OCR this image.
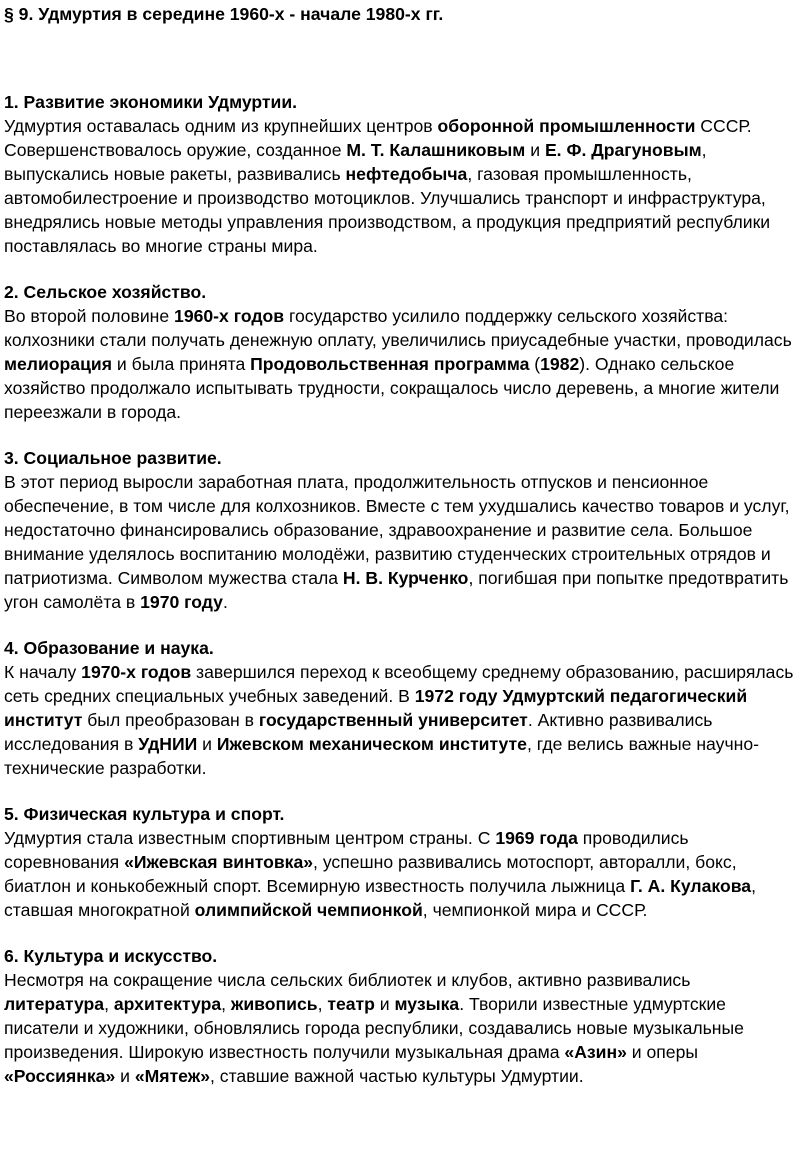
§ 9. Удмуртия в середине 1960-х - начале 1980-х гг.
1. Развитие экономики Удмуртии.

Удмуртия оставалась одним из крупнейших центров оборонной промышленности СССР. Совершенствовалось оружие, созданное М. Т. Калашниковым и Е. Ф. Драгуновым, выпускались новые ракеты, развивались нефтедобыча, газовая промышленность, автомобилестроение и производство мотоциклов. Улучшались транспорт и инфраструктура, внедрялись новые методы управления производством, а продукция предприятий республики поставлялась во многие страны мира.

2. Сельское хозяйство.

Во второй половине 1960-х годов государство усилило поддержку сельского хозяйства: колхозники стали получать денежную оплату, увеличились приусадебные участки, проводилась мелиорация и была принята Продовольственная программа (1982). Однако сельское хозяйство продолжало испытывать трудности, сокращалось число деревень, а многие жители переезжали в города.

3. Социальное развитие.

В этот период выросли заработная плата, продолжительность отпусков и пенсионное обеспечение, в том числе для колхозников. Вместе с тем ухудшались качество товаров и услуг, недостаточно финансировались образование, здравоохранение и развитие села. Большое внимание уделялось воспитанию молодёжи, развитию студенческих строительных отрядов и патриотизма. Символом мужества стала Н. В. Курченко, погибшая при попытке предотвратить угон самолёта в 1970 году.

4. Образование и наука.

К началу 1970-х годов завершился переход к всеобщему среднему образованию, расширялась сеть средних специальных учебных заведений. В 1972 году Удмуртский педагогический институт был преобразован в государственный университет. Активно развивались исследования в УдНИИ и Ижевском механическом институте, где велись важные научно-технические разработки.

5. Физическая культура и спорт.

Удмуртия стала известным спортивным центром страны. С 1969 года проводились соревнования «Ижевская винтовка», успешно развивались мотоспорт, авторалли, бокс, биатлон и конькобежный спорт. Всемирную известность получила лыжница Г. А. Кулакова, ставшая многократной олимпийской чемпионкой, чемпионкой мира и СССР.

6. Культура и искусство.

Несмотря на сокращение числа сельских библиотек и клубов, активно развивались литература, архитектура, живопись, театр и музыка. Творили известные удмуртские писатели и художники, обновлялись города республики, создавались новые музыкальные произведения. Широкую известность получили музыкальная драма «Азин» и оперы «Россиянка» и «Мятеж», ставшие важной частью культуры Удмуртии.
